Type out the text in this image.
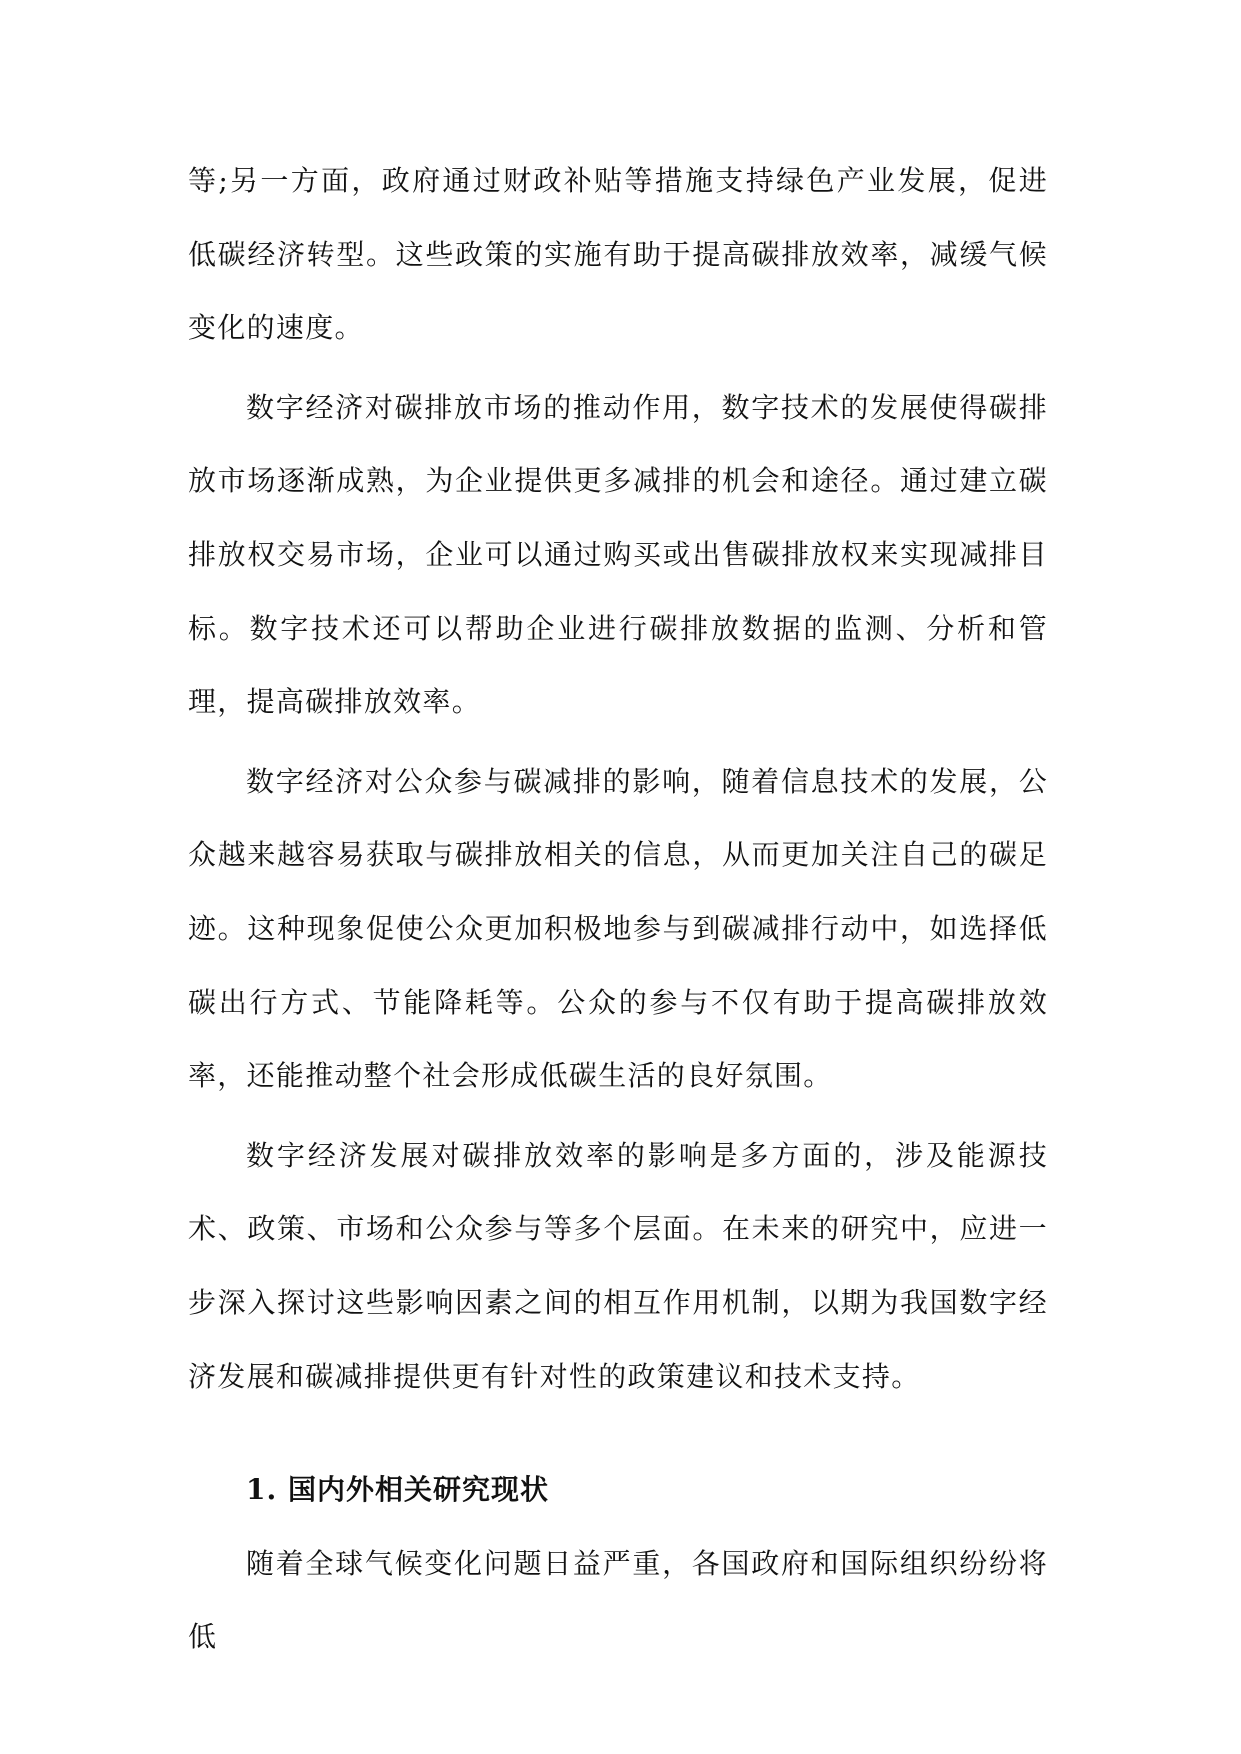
等;另一方面，政府通过财政补贴等措施支持绿色产业发展，促进低碳经济转型。这些政策的实施有助于提高碳排放效率，减缓气候变化的速度。

数字经济对碳排放市场的推动作用，数字技术的发展使得碳排放市场逐渐成熟，为企业提供更多减排的机会和途径。通过建立碳排放权交易市场，企业可以通过购买或出售碳排放权来实现减排目标。数字技术还可以帮助企业进行碳排放数据的监测、分析和管理，提高碳排放效率。

数字经济对公众参与碳减排的影响，随着信息技术的发展，公众越来越容易获取与碳排放相关的信息，从而更加关注自己的碳足迹。这种现象促使公众更加积极地参与到碳减排行动中，如选择低碳出行方式、节能降耗等。公众的参与不仅有助于提高碳排放效率，还能推动整个社会形成低碳生活的良好氛围。

数字经济发展对碳排放效率的影响是多方面的，涉及能源技术、政策、市场和公众参与等多个层面。在未来的研究中，应进一步深入探讨这些影响因素之间的相互作用机制，以期为我国数字经济发展和碳减排提供更有针对性的政策建议和技术支持。

1. 国内外相关研究现状

随着全球气候变化问题日益严重，各国政府和国际组织纷纷将低
